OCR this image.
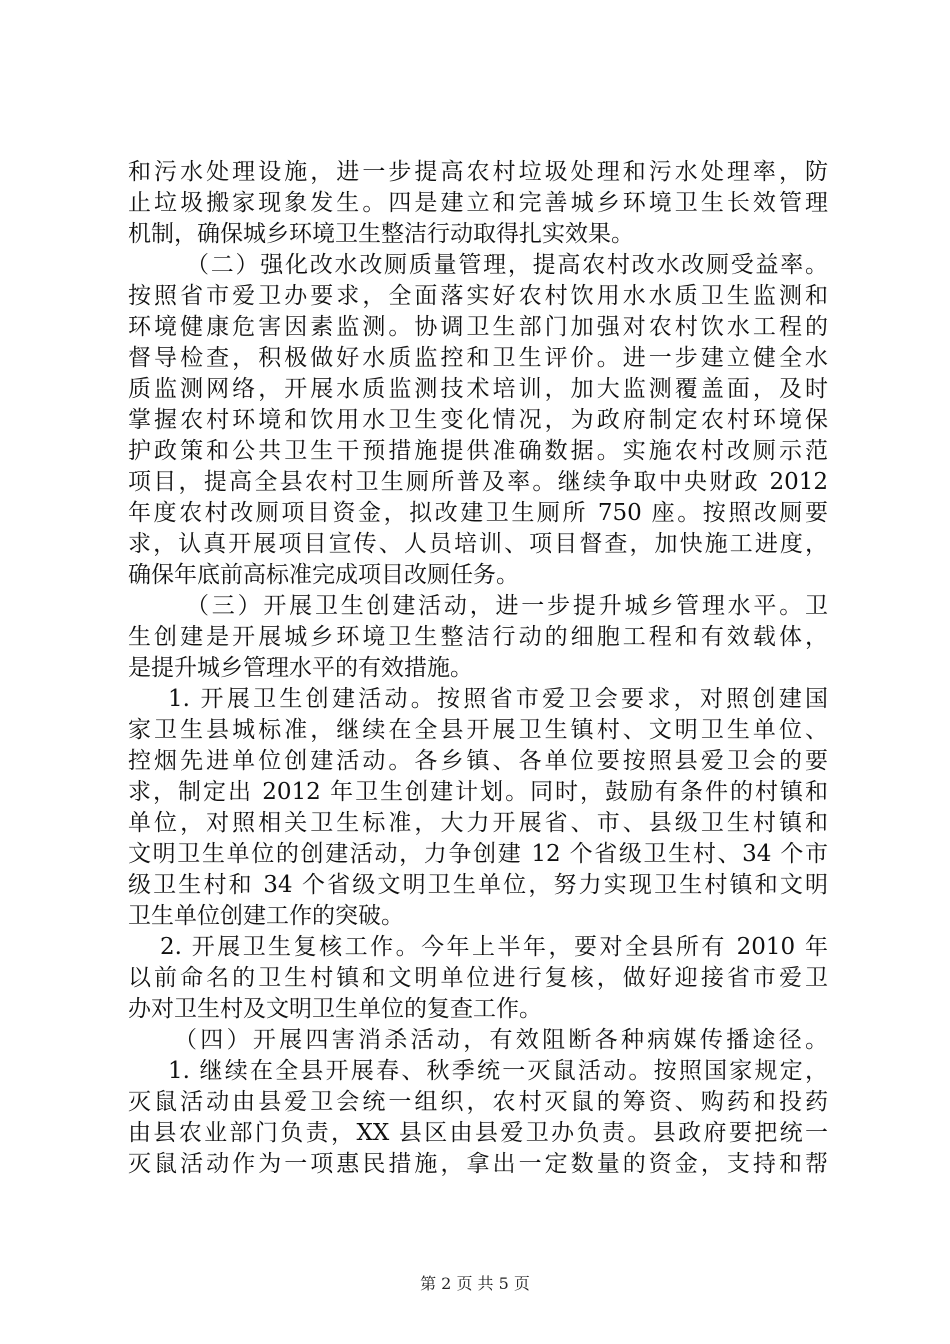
和污水处理设施，进一步提高农村垃圾处理和污水处理率，防
止垃圾搬家现象发生。四是建立和完善城乡环境卫生长效管理
机制，确保城乡环境卫生整洁行动取得扎实效果。
（二）强化改水改厕质量管理，提高农村改水改厕受益率。
按照省市爱卫办要求，全面落实好农村饮用水水质卫生监测和
环境健康危害因素监测。协调卫生部门加强对农村饮水工程的
督导检查，积极做好水质监控和卫生评价。进一步建立健全水
质监测网络，开展水质监测技术培训，加大监测覆盖面，及时
掌握农村环境和饮用水卫生变化情况，为政府制定农村环境保
护政策和公共卫生干预措施提供准确数据。实施农村改厕示范
项目，提高全县农村卫生厕所普及率。继续争取中央财政 2012
年度农村改厕项目资金，拟改建卫生厕所 750 座。按照改厕要
求，认真开展项目宣传、人员培训、项目督查，加快施工进度，
确保年底前高标准完成项目改厕任务。
（三）开展卫生创建活动，进一步提升城乡管理水平。卫
生创建是开展城乡环境卫生整洁行动的细胞工程和有效载体，
是提升城乡管理水平的有效措施。
1. 开展卫生创建活动。按照省市爱卫会要求，对照创建国
家卫生县城标准，继续在全县开展卫生镇村、文明卫生单位、
控烟先进单位创建活动。各乡镇、各单位要按照县爱卫会的要
求，制定出 2012 年卫生创建计划。同时，鼓励有条件的村镇和
单位，对照相关卫生标准，大力开展省、市、县级卫生村镇和
文明卫生单位的创建活动，力争创建 12 个省级卫生村、34 个市
级卫生村和 34 个省级文明卫生单位，努力实现卫生村镇和文明
卫生单位创建工作的突破。
2. 开展卫生复核工作。今年上半年，要对全县所有 2010 年
以前命名的卫生村镇和文明单位进行复核，做好迎接省市爱卫
办对卫生村及文明卫生单位的复查工作。
（四）开展四害消杀活动，有效阻断各种病媒传播途径。
1. 继续在全县开展春、秋季统一灭鼠活动。按照国家规定，
灭鼠活动由县爱卫会统一组织，农村灭鼠的筹资、购药和投药
由县农业部门负责，XX 县区由县爱卫办负责。县政府要把统一
灭鼠活动作为一项惠民措施，拿出一定数量的资金，支持和帮
第 2 页 共 5 页
